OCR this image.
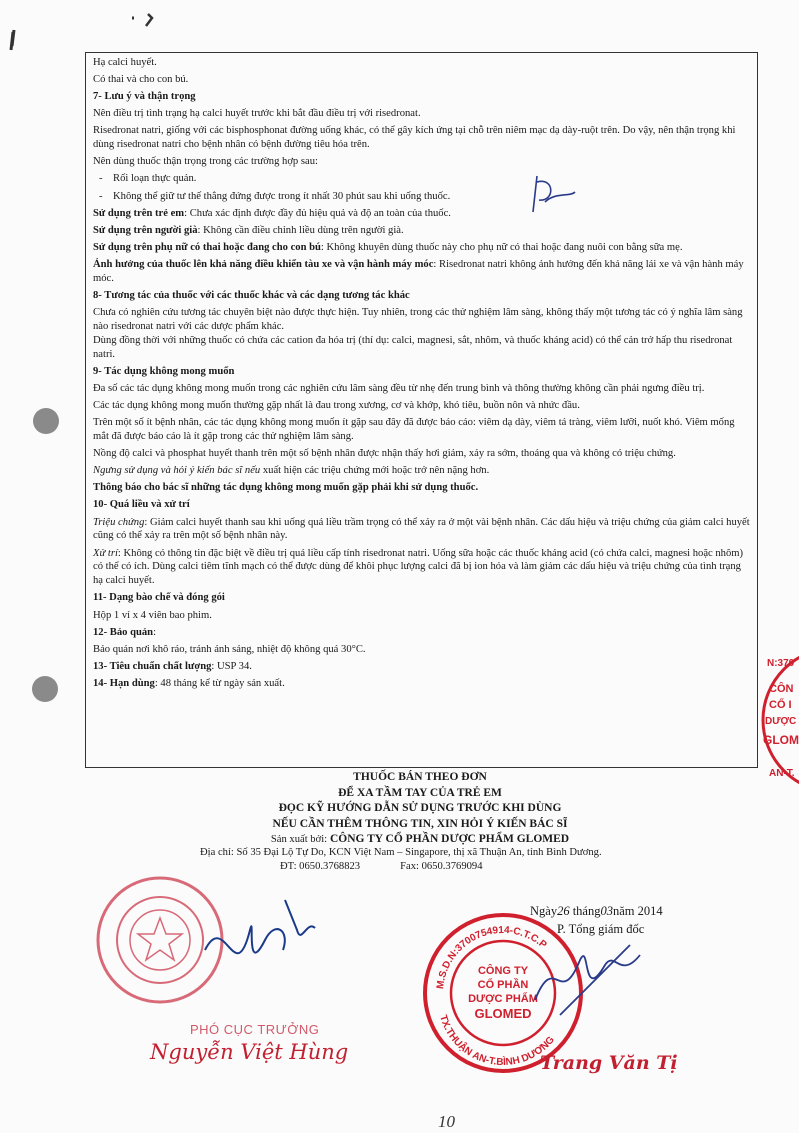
Hạ calci huyết.

Có thai và cho con bú.

7- Lưu ý và thận trọng

Nên điều trị tình trạng hạ calci huyết trước khi bắt đầu điều trị với risedronat.

Risedronat natri, giống với các bisphosphonat đường uống khác, có thể gây kích ứng tại chỗ trên niêm mạc dạ dày-ruột trên. Do vậy, nên thận trọng khi dùng risedronat natri cho bệnh nhân có bệnh đường tiêu hóa trên.

Nên dùng thuốc thận trọng trong các trường hợp sau:

- Rối loạn thực quản.

- Không thể giữ tư thế thẳng đứng được trong ít nhất 30 phút sau khi uống thuốc.

Sử dụng trên trẻ em: Chưa xác định được đầy đủ hiệu quả và độ an toàn của thuốc.

Sử dụng trên người già: Không cần điều chỉnh liều dùng trên người già.

Sử dụng trên phụ nữ có thai hoặc đang cho con bú: Không khuyên dùng thuốc này cho phụ nữ có thai hoặc đang nuôi con bằng sữa mẹ.

Ảnh hưởng của thuốc lên khả năng điều khiển tàu xe và vận hành máy móc: Risedronat natri không ảnh hưởng đến khả năng lái xe và vận hành máy móc.

8- Tương tác của thuốc với các thuốc khác và các dạng tương tác khác

Chưa có nghiên cứu tương tác chuyên biệt nào được thực hiện. Tuy nhiên, trong các thử nghiệm lâm sàng, không thấy một tương tác có ý nghĩa lâm sàng nào risedronat natri với các dược phẩm khác.

Dùng đồng thời với những thuốc có chứa các cation đa hóa trị (thí dụ: calci, magnesi, sắt, nhôm, và thuốc kháng acid) có thể cản trở hấp thu risedronat natri.

9- Tác dụng không mong muốn

Đa số các tác dụng không mong muốn trong các nghiên cứu lâm sàng đều từ nhẹ đến trung bình và thông thường không cần phải ngưng điều trị.

Các tác dụng không mong muốn thường gặp nhất là đau trong xương, cơ và khớp, khó tiêu, buồn nôn và nhức đầu.

Trên một số ít bệnh nhân, các tác dụng không mong muốn ít gặp sau đây đã được báo cáo: viêm dạ dày, viêm tá tràng, viêm lưỡi, nuốt khó. Viêm mống mắt đã được báo cáo là ít gặp trong các thử nghiệm lâm sàng.

Nồng độ calci và phosphat huyết thanh trên một số bệnh nhân được nhận thấy hơi giảm, xảy ra sớm, thoáng qua và không có triệu chứng.

Ngưng sử dụng và hỏi ý kiến bác sĩ nếu xuất hiện các triệu chứng mới hoặc trở nên nặng hơn.

Thông báo cho bác sĩ những tác dụng không mong muốn gặp phải khi sử dụng thuốc.

10- Quá liều và xử trí

Triệu chứng: Giảm calci huyết thanh sau khi uống quá liều trầm trọng có thể xảy ra ở một vài bệnh nhân. Các dấu hiệu và triệu chứng của giảm calci huyết cũng có thể xảy ra trên một số bệnh nhân này.

Xử trí: Không có thông tin đặc biệt về điều trị quá liều cấp tính risedronat natri. Uống sữa hoặc các thuốc kháng acid (có chứa calci, magnesi hoặc nhôm) có thể có ích. Dùng calci tiêm tĩnh mạch có thể được dùng để khôi phục lượng calci đã bị ion hóa và làm giảm các dấu hiệu và triệu chứng của tình trạng hạ calci huyết.

11- Dạng bào chế và đóng gói

Hộp 1 vỉ x 4 viên bao phim.

12- Bảo quản:

Bảo quản nơi khô ráo, tránh ánh sáng, nhiệt độ không quá 30°C.

13- Tiêu chuẩn chất lượng: USP 34.

14- Hạn dùng: 48 tháng kể từ ngày sản xuất.

THUỐC BÁN THEO ĐƠN
ĐỂ XA TẦM TAY CỦA TRẺ EM
ĐỌC KỸ HƯỚNG DẪN SỬ DỤNG TRƯỚC KHI DÙNG
NẾU CẦN THÊM THÔNG TIN, XIN HỎI Ý KIẾN BÁC SĨ
Sản xuất bởi: CÔNG TY CỔ PHẦN DƯỢC PHẨM GLOMED
Địa chỉ: Số 35 Đại Lộ Tự Do, KCN Việt Nam – Singapore, thị xã Thuận An, tỉnh Bình Dương.
ĐT: 0650.3768823	Fax: 0650.3769094
Ngày26 tháng03năm 2014
P. Tổng giám đốc
PHÓ CỤC TRƯỞNG
Nguyễn Việt Hùng
M.S.D.N:3700754914-C.T.C.P
TX.THUẬN AN-T.BÌNH DƯƠNG
CÔNG TY
CỔ PHẦN
DƯỢC PHẨM
GLOMED
Trang Văn Tị
N:370
CÔN
CỔ I
DƯỢC
GLOM
AN-T.
10
